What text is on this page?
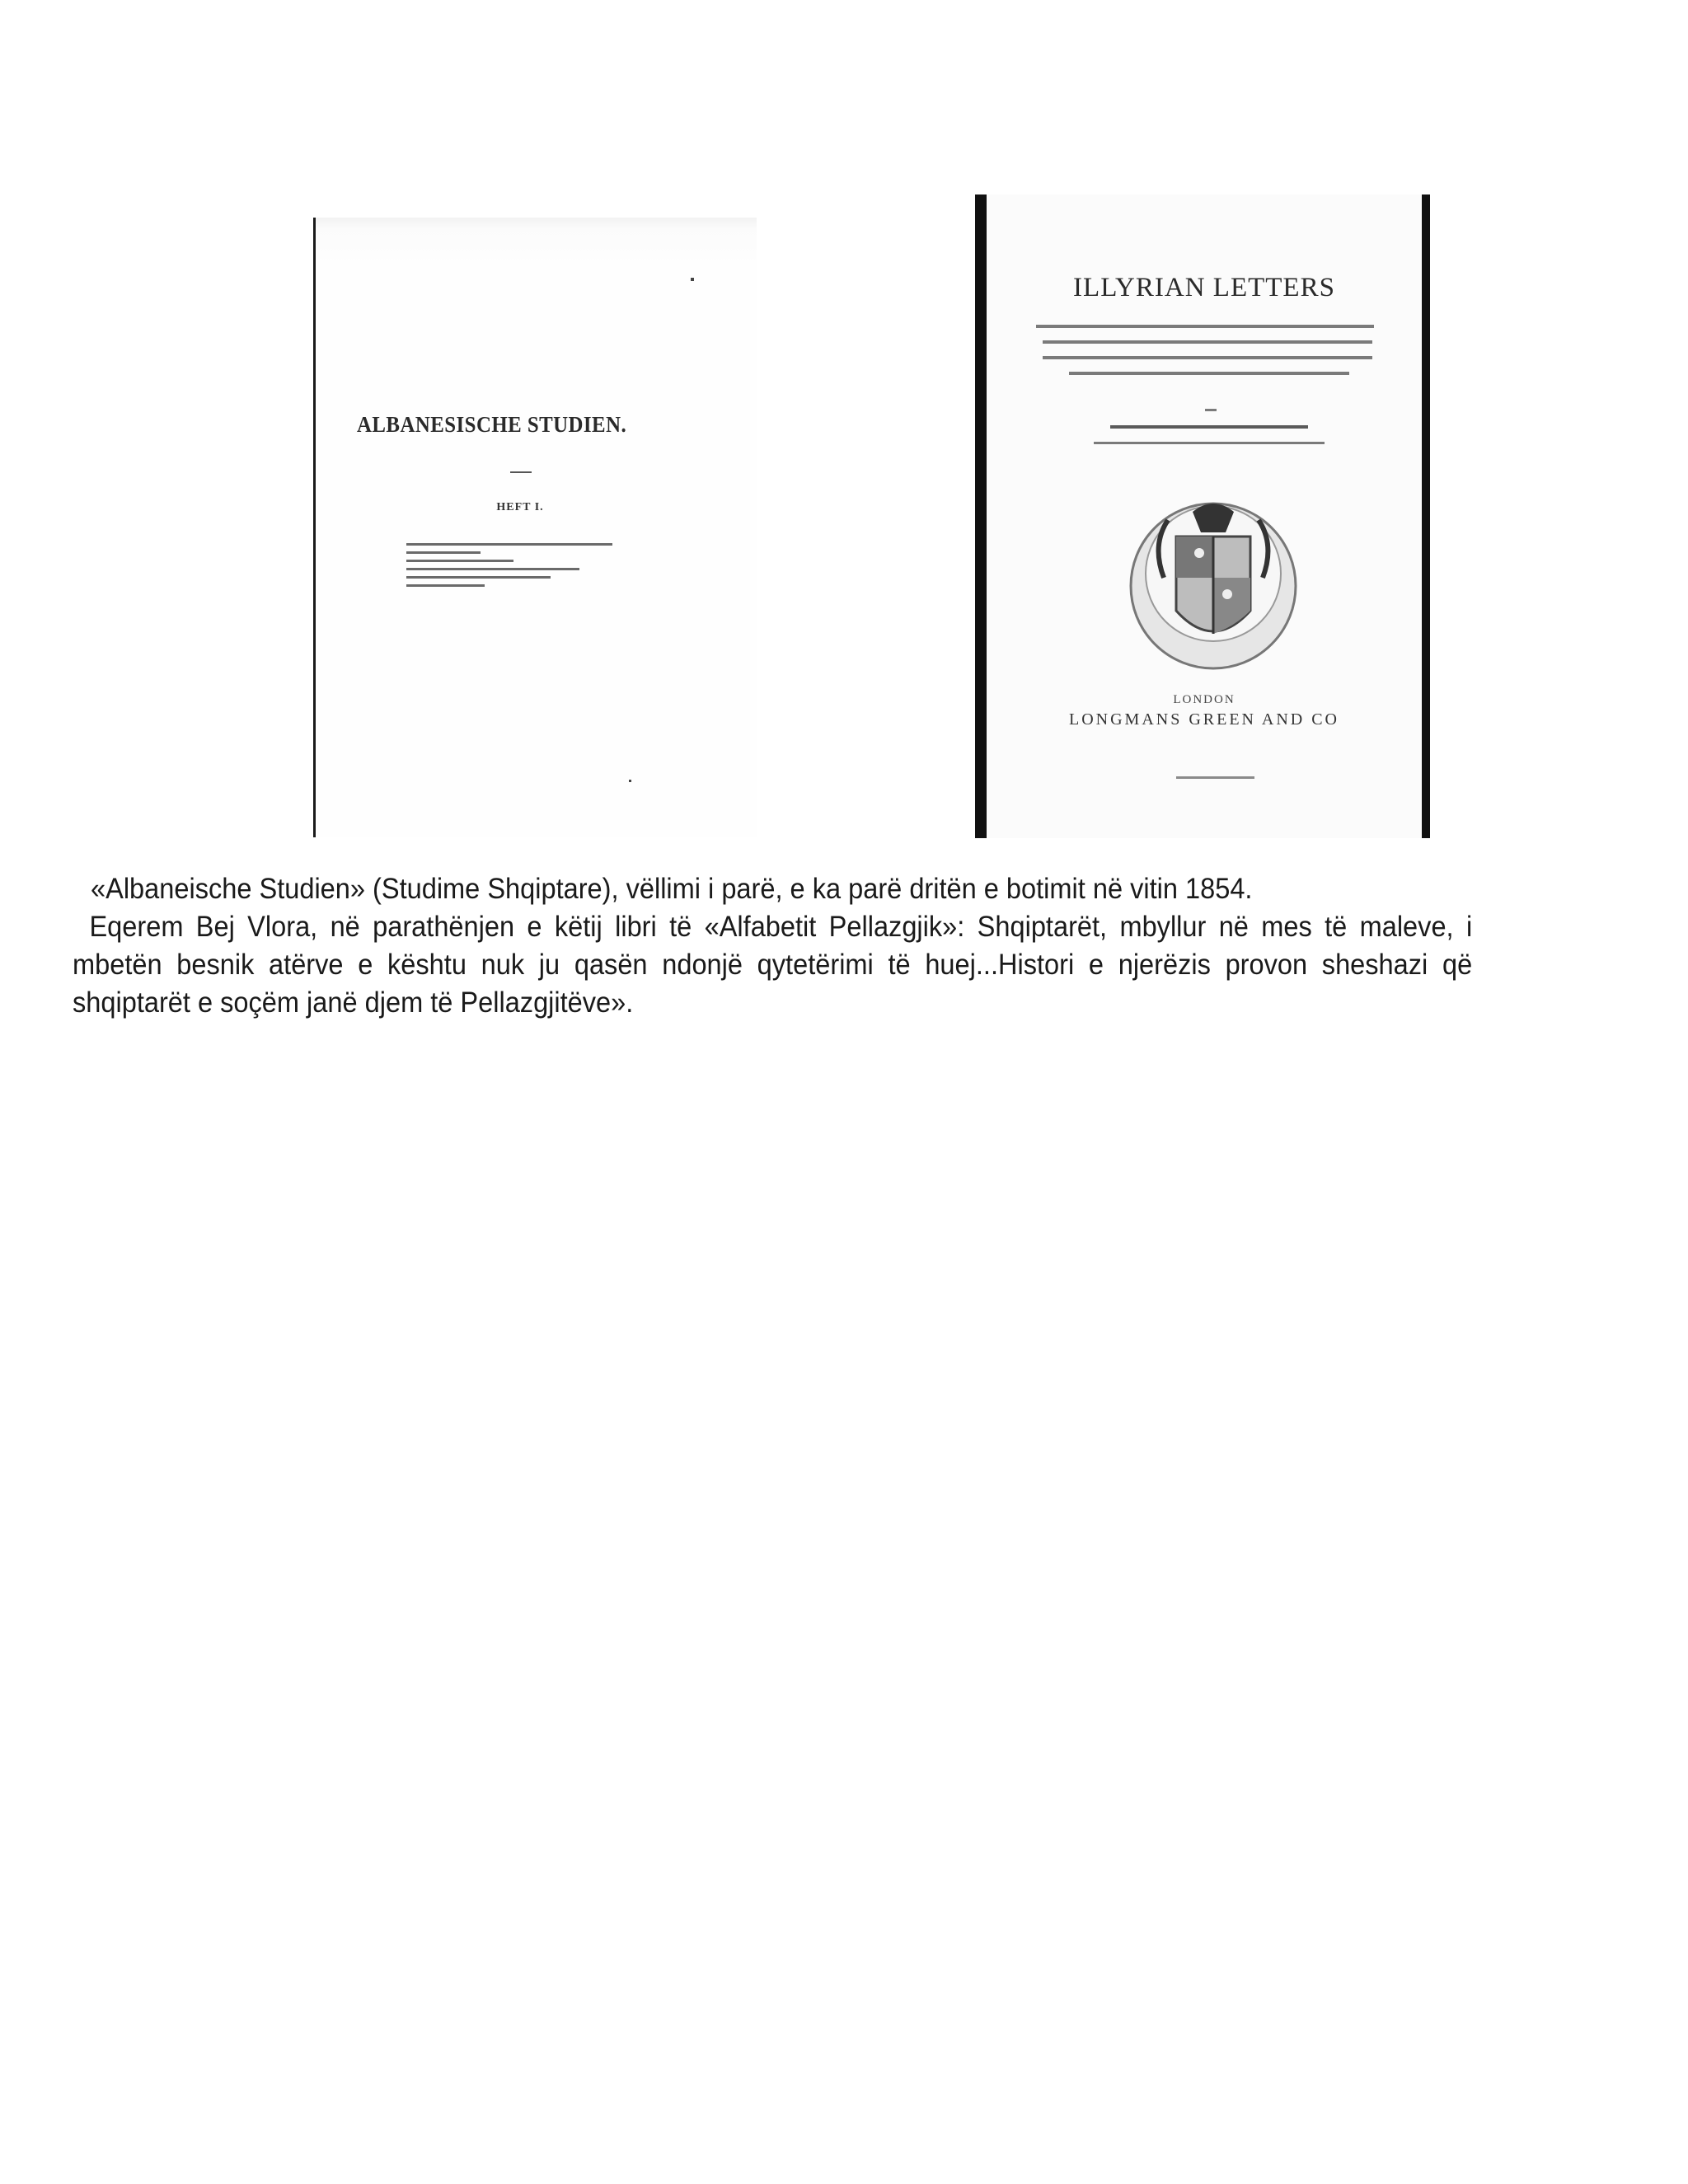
ALBANESISCHE STUDIEN.
HEFT I.
ILLYRIAN LETTERS
LONDON
LONGMANS GREEN AND CO
«Albaneische Studien» (Studime Shqiptare), vëllimi i parë, e ka parë dritën e botimit në vitin 1854.
Eqerem Bej Vlora, në parathënjen e këtij libri të «Alfabetit Pellazgjik»: Shqiptarët, mbyllur në mes të maleve, i mbetën besnik atërve e kështu nuk ju qasën ndonjë qytetërimi të huej...Histori e njerëzis provon sheshazi që shqiptarët e soçëm janë djem të Pellazgjitëve».
